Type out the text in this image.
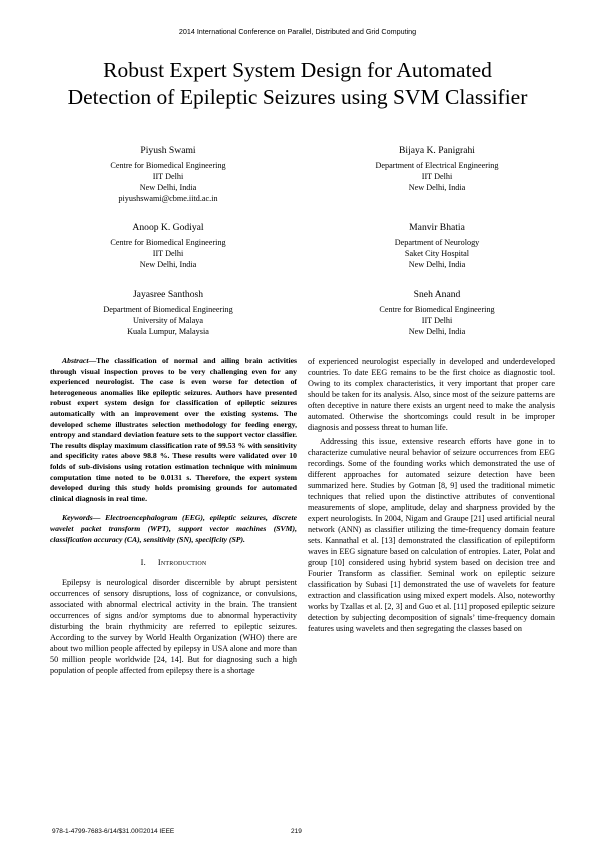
2014 International Conference on Parallel, Distributed and Grid Computing
Robust Expert System Design for Automated
Detection of Epileptic Seizures using SVM Classifier
Piyush Swami
Centre for Biomedical Engineering
IIT Delhi
New Delhi, India
piyushswami@cbme.iitd.ac.in
Bijaya K. Panigrahi
Department of Electrical Engineering
IIT Delhi
New Delhi, India
Anoop K. Godiyal
Centre for Biomedical Engineering
IIT Delhi
New Delhi, India
Manvir Bhatia
Department of Neurology
Saket City Hospital
New Delhi, India
Jayasree Santhosh
Department of Biomedical Engineering
University of Malaya
Kuala Lumpur, Malaysia
Sneh Anand
Centre for Biomedical Engineering
IIT Delhi
New Delhi, India

Abstract—The classification of normal and ailing brain activities through visual inspection proves to be very challenging even for any experienced neurologist. The case is even worse for detection of heterogeneous anomalies like epileptic seizures. Authors have presented robust expert system design for classification of epileptic seizures automatically with an improvement over the existing systems. The developed scheme illustrates selection methodology for feeding energy, entropy and standard deviation feature sets to the support vector classifier. The results display maximum classification rate of 99.53 % with sensitivity and specificity rates above 98.8 %. These results were validated over 10 folds of sub-divisions using rotation estimation technique with minimum computation time noted to be 0.0131 s. Therefore, the expert system developed during this study holds promising grounds for automated clinical diagnosis in real time.

Keywords— Electroencephalogram (EEG), epileptic seizures, discrete wavelet packet transform (WPT), support vector machines (SVM), classification accuracy (CA), sensitivity (SN), specificity (SP).

I. Introduction

Epilepsy is neurological disorder discernible by abrupt persistent occurrences of sensory disruptions, loss of cognizance, or convulsions, associated with abnormal electrical activity in the brain. The transient occurrences of signs and/or symptoms due to abnormal hyperactivity disturbing the brain rhythmicity are referred to epileptic seizures. According to the survey by World Health Organization (WHO) there are about two million people affected by epilepsy in USA alone and more than 50 million people worldwide [24, 14]. But for diagnosing such a high population of people affected from epilepsy there is a shortage

of experienced neurologist especially in developed and underdeveloped countries. To date EEG remains to be the first choice as diagnostic tool. Owing to its complex characteristics, it very important that proper care should be taken for its analysis. Also, since most of the seizure patterns are often deceptive in nature there exists an urgent need to make the analysis automated. Otherwise the shortcomings could result in be improper diagnosis and possess threat to human life.

Addressing this issue, extensive research efforts have gone in to characterize cumulative neural behavior of seizure occurrences from EEG recordings. Some of the founding works which demonstrated the use of different approaches for automated seizure detection have been summarized here. Studies by Gotman [8, 9] used the traditional mimetic techniques that relied upon the distinctive attributes of conventional measurements of slope, amplitude, delay and sharpness provided by the expert neurologists. In 2004, Nigam and Graupe [21] used artificial neural network (ANN) as classifier utilizing the time-frequency domain feature sets. Kannathal et al. [13] demonstrated the classification of epileptiform waves in EEG signature based on calculation of entropies. Later, Polat and group [10] considered using hybrid system based on decision tree and Fourier Transform as classifier. Seminal work on epileptic seizure classification by Subasi [1] demonstrated the use of wavelets for feature extraction and classification using mixed expert models. Also, noteworthy works by Tzallas et al. [2, 3] and Guo et al. [11] proposed epileptic seizure detection by subjecting decomposition of signals’ time-frequency domain features using wavelets and then segregating the classes based on

978-1-4799-7683-6/14/$31.00©2014 IEEE	219
